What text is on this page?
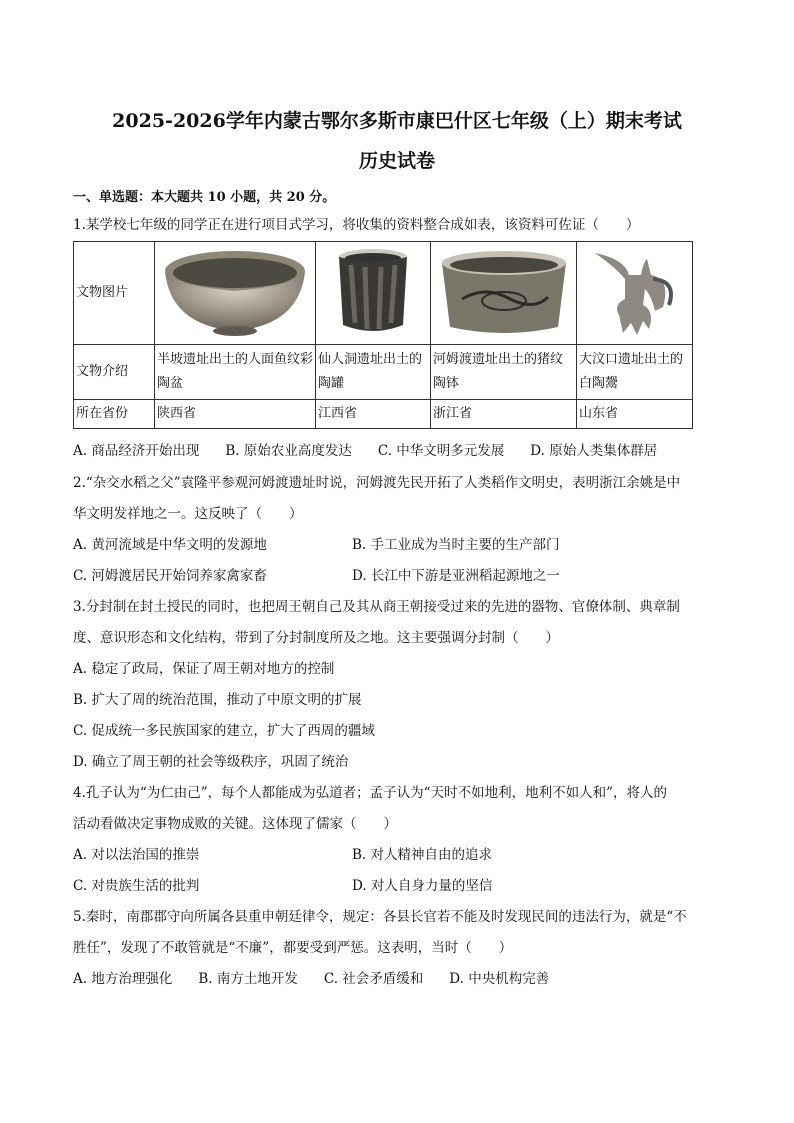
2025-2026学年内蒙古鄂尔多斯市康巴什区七年级（上）期末考试
历史试卷
一、单选题：本大题共 10 小题，共 20 分。
1.某学校七年级的同学正在进行项目式学习，将收集的资料整合成如表，该资料可佐证（　　）
文物图片	

文物介绍	半坡遗址出土的人面鱼纹彩陶盆	仙人洞遗址出土的陶罐	河姆渡遗址出土的猪纹陶钵	大汶口遗址出土的白陶鬶
所在省份	陕西省	江西省	浙江省	山东省
A. 商品经济开始出现 B. 原始农业高度发达 C. 中华文明多元发展 D. 原始人类集体群居
2.“杂交水稻之父”袁隆平参观河姆渡遗址时说，河姆渡先民开拓了人类稻作文明史，表明浙江余姚是中
华文明发祥地之一。这反映了（　　）
A. 黄河流域是中华文明的发源地	B. 手工业成为当时主要的生产部门
C. 河姆渡居民开始饲养家禽家畜	D. 长江中下游是亚洲稻起源地之一
3.分封制在封土授民的同时，也把周王朝自己及其从商王朝接受过来的先进的器物、官僚体制、典章制
度、意识形态和文化结构，带到了分封制度所及之地。这主要强调分封制（　　）
A. 稳定了政局，保证了周王朝对地方的控制
B. 扩大了周的统治范围，推动了中原文明的扩展
C. 促成统一多民族国家的建立，扩大了西周的疆域
D. 确立了周王朝的社会等级秩序，巩固了统治
4.孔子认为“为仁由己”，每个人都能成为弘道者；孟子认为“天时不如地利，地利不如人和”，将人的
活动看做决定事物成败的关键。这体现了儒家（　　）
A. 对以法治国的推崇	B. 对人精神自由的追求
C. 对贵族生活的批判	D. 对人自身力量的坚信
5.秦时，南郡郡守向所属各县重申朝廷律令，规定：各县长官若不能及时发现民间的违法行为，就是“不
胜任”，发现了不敢管就是“不廉”，都要受到严惩。这表明，当时（　　）
A. 地方治理强化 B. 南方土地开发 C. 社会矛盾缓和 D. 中央机构完善
